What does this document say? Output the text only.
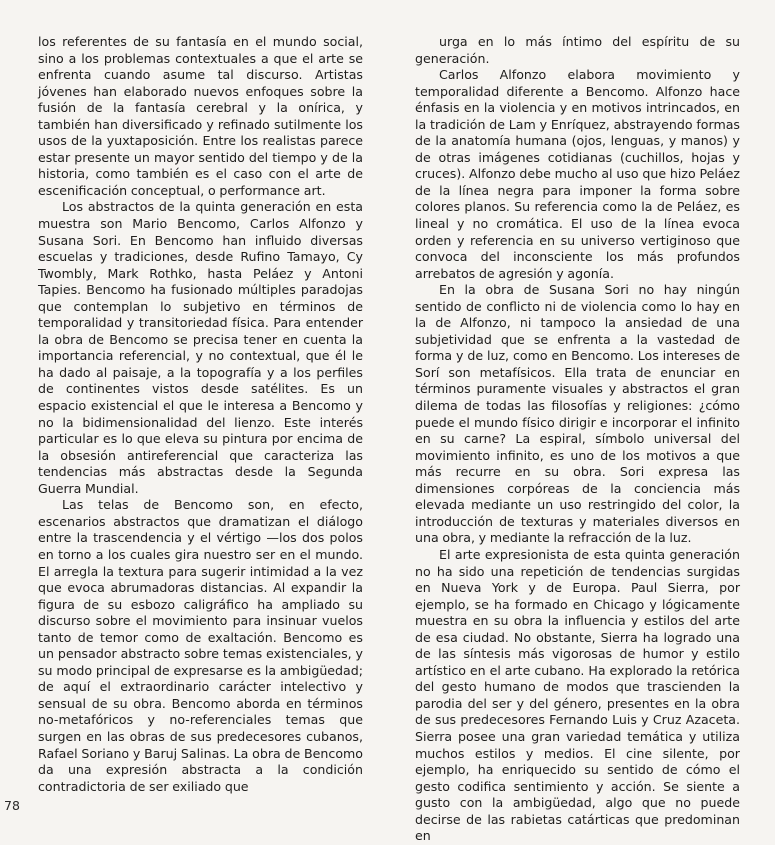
los referentes de su fantasía en el mundo social, sino a los problemas contextuales a que el arte se enfrenta cuando asume tal discurso. Artistas jóvenes han elaborado nuevos enfoques sobre la fusión de la fantasía cerebral y la onírica, y también han diversificado y refinado sutilmente los usos de la yuxtaposición. Entre los realistas parece estar presente un mayor sentido del tiempo y de la historia, como también es el caso con el arte de escenificación conceptual, o performance art.

Los abstractos de la quinta generación en esta muestra son Mario Bencomo, Carlos Alfonzo y Susana Sori. En Bencomo han influido diversas escuelas y tradiciones, desde Rufino Tamayo, Cy Twombly, Mark Rothko, hasta Peláez y Antoni Tapies. Bencomo ha fusionado múltiples paradojas que contemplan lo subjetivo en términos de temporalidad y transitoriedad física. Para entender la obra de Bencomo se precisa tener en cuenta la importancia referencial, y no contextual, que él le ha dado al paisaje, a la topografía y a los perfiles de continentes vistos desde satélites. Es un espacio existencial el que le interesa a Bencomo y no la bidimensionalidad del lienzo. Este interés particular es lo que eleva su pintura por encima de la obsesión antireferencial que caracteriza las tendencias más abstractas desde la Segunda Guerra Mundial.

Las telas de Bencomo son, en efecto, escenarios abstractos que dramatizan el diálogo entre la trascendencia y el vértigo —los dos polos en torno a los cuales gira nuestro ser en el mundo. El arregla la textura para sugerir intimidad a la vez que evoca abrumadoras distancias. Al expandir la figura de su esbozo caligráfico ha ampliado su discurso sobre el movimiento para insinuar vuelos tanto de temor como de exaltación. Bencomo es un pensador abstracto sobre temas existenciales, y su modo principal de expresarse es la ambigüedad; de aquí el extraordinario carácter intelectivo y sensual de su obra. Bencomo aborda en términos no-metafóricos y no-referenciales temas que surgen en las obras de sus predecesores cubanos, Rafael Soriano y Baruj Salinas. La obra de Bencomo da una expresión abstracta a la condición contradictoria de ser exiliado que

urga en lo más íntimo del espíritu de su generación.

Carlos Alfonzo elabora movimiento y temporalidad diferente a Bencomo. Alfonzo hace énfasis en la violencia y en motivos intrincados, en la tradición de Lam y Enríquez, abstrayendo formas de la anatomía humana (ojos, lenguas, y manos) y de otras imágenes cotidianas (cuchillos, hojas y cruces). Alfonzo debe mucho al uso que hizo Peláez de la línea negra para imponer la forma sobre colores planos. Su referencia como la de Peláez, es lineal y no cromática. El uso de la línea evoca orden y referencia en su universo vertiginoso que convoca del inconsciente los más profundos arrebatos de agresión y agonía.

En la obra de Susana Sori no hay ningún sentido de conflicto ni de violencia como lo hay en la de Alfonzo, ni tampoco la ansiedad de una subjetividad que se enfrenta a la vastedad de forma y de luz, como en Bencomo. Los intereses de Sorí son metafísicos. Ella trata de enunciar en términos puramente visuales y abstractos el gran dilema de todas las filosofías y religiones: ¿cómo puede el mundo físico dirigir e incorporar el infinito en su carne? La espiral, símbolo universal del movimiento infinito, es uno de los motivos a que más recurre en su obra. Sori expresa las dimensiones corpóreas de la conciencia más elevada mediante un uso restringido del color, la introducción de texturas y materiales diversos en una obra, y mediante la refracción de la luz.

El arte expresionista de esta quinta generación no ha sido una repetición de tendencias surgidas en Nueva York y de Europa. Paul Sierra, por ejemplo, se ha formado en Chicago y lógicamente muestra en su obra la influencia y estilos del arte de esa ciudad. No obstante, Sierra ha logrado una de las síntesis más vigorosas de humor y estilo artístico en el arte cubano. Ha explorado la retórica del gesto humano de modos que trascienden la parodia del ser y del género, presentes en la obra de sus predecesores Fernando Luis y Cruz Azaceta. Sierra posee una gran variedad temática y utiliza muchos estilos y medios. El cine silente, por ejemplo, ha enriquecido su sentido de cómo el gesto codifica sentimiento y acción. Se siente a gusto con la ambigüedad, algo que no puede decirse de las rabietas catárticas que predominan en

78
